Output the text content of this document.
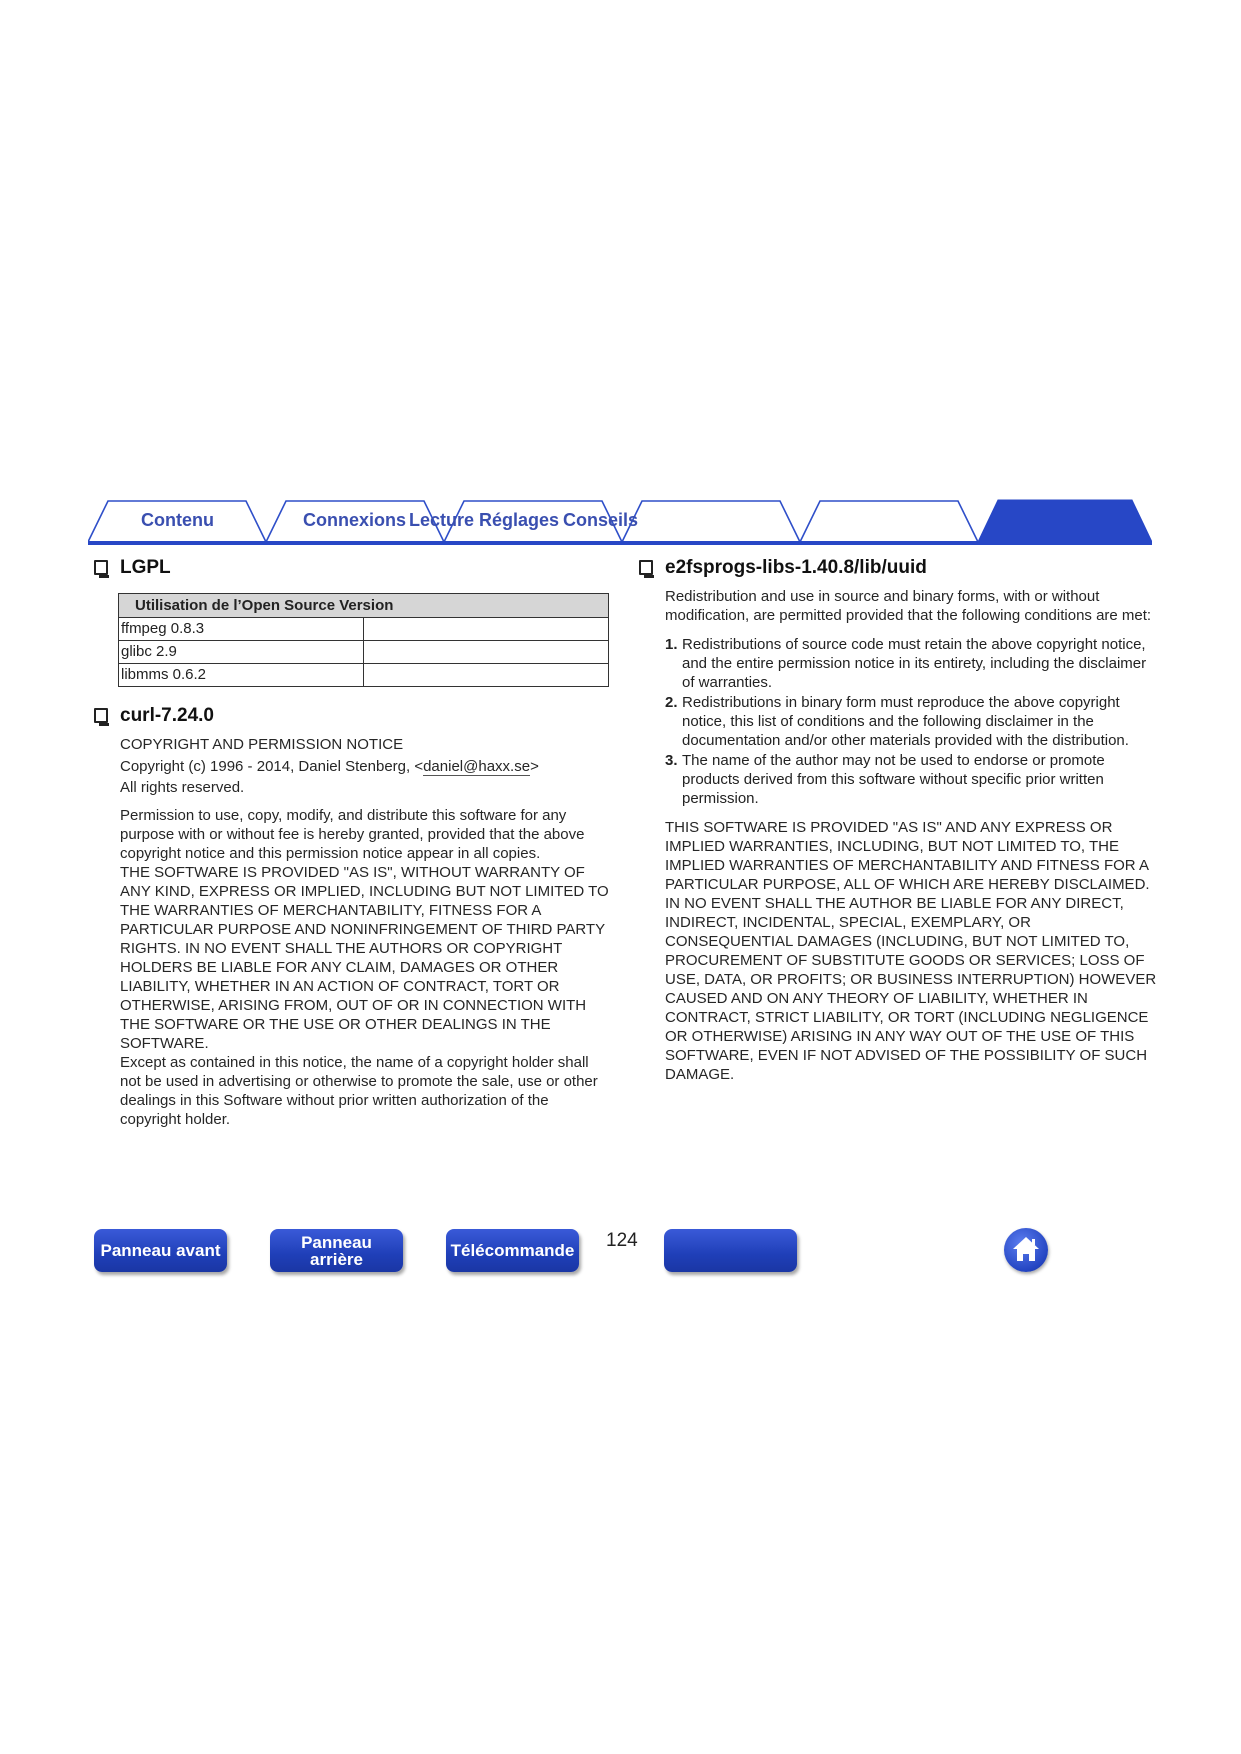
Contenu	Connexions Lecture Réglages Conseils
LGPL
Utilisation de l’Open Source Version	
ffmpeg 0.8.3	
glibc 2.9	
libmms 0.6.2	
curl-7.24.0

COPYRIGHT AND PERMISSION NOTICE

Copyright (c) 1996 - 2014, Daniel Stenberg, <daniel@haxx.se>

All rights reserved.

Permission to use, copy, modify, and distribute this software for any purpose with or without fee is hereby granted, provided that the above copyright notice and this permission notice appear in all copies.

THE SOFTWARE IS PROVIDED "AS IS", WITHOUT WARRANTY OF ANY KIND, EXPRESS OR IMPLIED, INCLUDING BUT NOT LIMITED TO THE WARRANTIES OF MERCHANTABILITY, FITNESS FOR A PARTICULAR PURPOSE AND NONINFRINGEMENT OF THIRD PARTY RIGHTS. IN NO EVENT SHALL THE AUTHORS OR COPYRIGHT HOLDERS BE LIABLE FOR ANY CLAIM, DAMAGES OR OTHER LIABILITY, WHETHER IN AN ACTION OF CONTRACT, TORT OR OTHERWISE, ARISING FROM, OUT OF OR IN CONNECTION WITH THE SOFTWARE OR THE USE OR OTHER DEALINGS IN THE SOFTWARE.

Except as contained in this notice, the name of a copyright holder shall not be used in advertising or otherwise to promote the sale, use or other dealings in this Software without prior written authorization of the copyright holder.

e2fsprogs-libs-1.40.8/lib/uuid

Redistribution and use in source and binary forms, with or without modification, are permitted provided that the following conditions are met:

1. Redistributions of source code must retain the above copyright notice, and the entire permission notice in its entirety, including the disclaimer of warranties.
2. Redistributions in binary form must reproduce the above copyright notice, this list of conditions and the following disclaimer in the documentation and/or other materials provided with the distribution.
3. The name of the author may not be used to endorse or promote products derived from this software without specific prior written permission.

THIS SOFTWARE IS PROVIDED "AS IS" AND ANY EXPRESS OR IMPLIED WARRANTIES, INCLUDING, BUT NOT LIMITED TO, THE IMPLIED WARRANTIES OF MERCHANTABILITY AND FITNESS FOR A PARTICULAR PURPOSE, ALL OF WHICH ARE HEREBY DISCLAIMED. IN NO EVENT SHALL THE AUTHOR BE LIABLE FOR ANY DIRECT, INDIRECT, INCIDENTAL, SPECIAL, EXEMPLARY, OR CONSEQUENTIAL DAMAGES (INCLUDING, BUT NOT LIMITED TO, PROCUREMENT OF SUBSTITUTE GOODS OR SERVICES; LOSS OF USE, DATA, OR PROFITS; OR BUSINESS INTERRUPTION) HOWEVER CAUSED AND ON ANY THEORY OF LIABILITY, WHETHER IN CONTRACT, STRICT LIABILITY, OR TORT (INCLUDING NEGLIGENCE OR OTHERWISE) ARISING IN ANY WAY OUT OF THE USE OF THIS SOFTWARE, EVEN IF NOT ADVISED OF THE POSSIBILITY OF SUCH DAMAGE.

Panneau avant	Panneau
arrière	Télécommande 124
